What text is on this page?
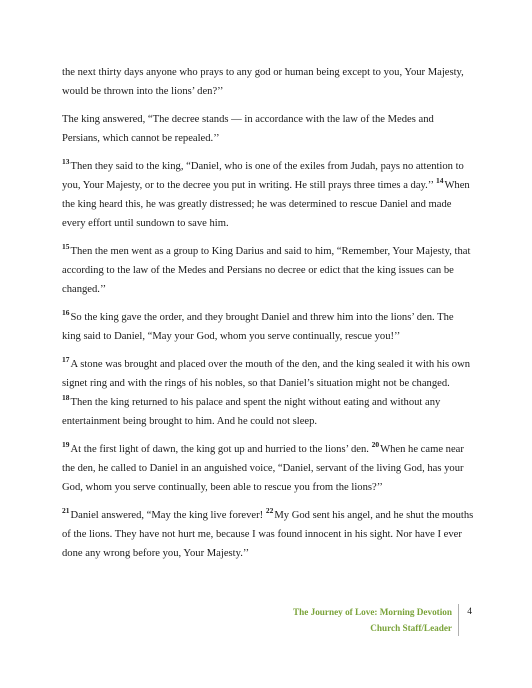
the next thirty days anyone who prays to any god or human being except to you, Your Majesty, would be thrown into the lions’ den?’’

The king answered, “The decree stands — in accordance with the law of the Medes and Persians, which cannot be repealed.’’

$^{13}$Then they said to the king, “Daniel, who is one of the exiles from Judah, pays no attention to you, Your Majesty, or to the decree you put in writing. He still prays three times a day.’’ $^{14}$When the king heard this, he was greatly distressed; he was determined to rescue Daniel and made every effort until sundown to save him.

$^{15}$Then the men went as a group to King Darius and said to him, “Remember, Your Majesty, that according to the law of the Medes and Persians no decree or edict that the king issues can be changed.’’

$^{16}$So the king gave the order, and they brought Daniel and threw him into the lions’ den. The king said to Daniel, “May your God, whom you serve continually, rescue you!’’

$^{17}$A stone was brought and placed over the mouth of the den, and the king sealed it with his own signet ring and with the rings of his nobles, so that Daniel’s situation might not be changed. $^{18}$Then the king returned to his palace and spent the night without eating and without any entertainment being brought to him. And he could not sleep.

$^{19}$At the first light of dawn, the king got up and hurried to the lions’ den. $^{20}$When he came near the den, he called to Daniel in an anguished voice, “Daniel, servant of the living God, has your God, whom you serve continually, been able to rescue you from the lions?’’

$^{21}$Daniel answered, “May the king live forever! $^{22}$My God sent his angel, and he shut the mouths of the lions. They have not hurt me, because I was found innocent in his sight. Nor have I ever done any wrong before you, Your Majesty.’’

The Journey of Love: Morning Devotion
Church Staff/Leader
4
